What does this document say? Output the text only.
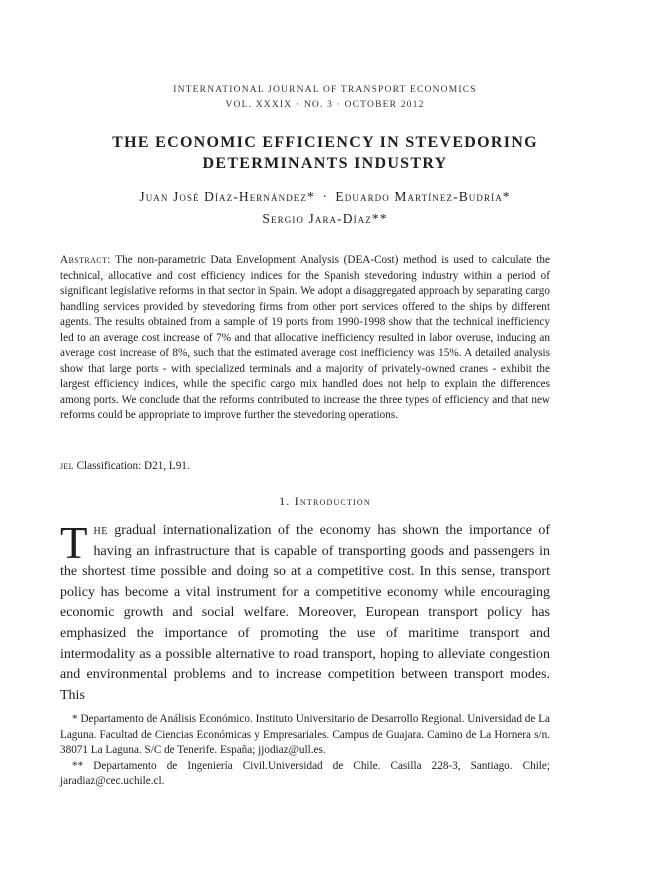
INTERNATIONAL JOURNAL OF TRANSPORT ECONOMICS
VOL. XXXIX · NO. 3 · OCTOBER 2012
THE ECONOMIC EFFICIENCY IN STEVEDORING
DETERMINANTS INDUSTRY
Juan José Díaz-Hernández* · Eduardo Martínez-Budría*
Sergio Jara-Díaz**
Abstract: The non-parametric Data Envelopment Analysis (DEA-Cost) method is used to calculate the technical, allocative and cost efficiency indices for the Spanish stevedoring industry within a period of significant legislative reforms in that sector in Spain. We adopt a disaggregated approach by separating cargo handling services provided by stevedoring firms from other port services offered to the ships by different agents. The results obtained from a sample of 19 ports from 1990-1998 show that the technical inefficiency led to an average cost increase of 7% and that allocative inefficiency resulted in labor overuse, inducing an average cost increase of 8%, such that the estimated average cost inefficiency was 15%. A detailed analysis show that large ports - with specialized terminals and a majority of privately-owned cranes - exhibit the largest efficiency indices, while the specific cargo mix handled does not help to explain the differences among ports. We conclude that the reforms contributed to increase the three types of efficiency and that new reforms could be appropriate to improve further the stevedoring operations.
jel Classification: D21, L91.
1. Introduction
The gradual internationalization of the economy has shown the importance of having an infrastructure that is capable of transporting goods and passengers in the shortest time possible and doing so at a competitive cost. In this sense, transport policy has become a vital instrument for a competitive economy while encouraging economic growth and social welfare. Moreover, European transport policy has emphasized the importance of promoting the use of maritime transport and intermodality as a possible alternative to road transport, hoping to alleviate congestion and environmental problems and to increase competition between transport modes. This

* Departamento de Análisis Económico. Instituto Universitario de Desarrollo Regional. Universidad de La Laguna. Facultad de Ciencias Económicas y Empresariales. Campus de Guajara. Camino de La Hornera s/n. 38071 La Laguna. S/C de Tenerife. España; jjodiaz@ull.es.

** Departamento de Ingeniería Civil.Universidad de Chile. Casilla 228-3, Santiago. Chile; jaradiaz@cec.uchile.cl.
